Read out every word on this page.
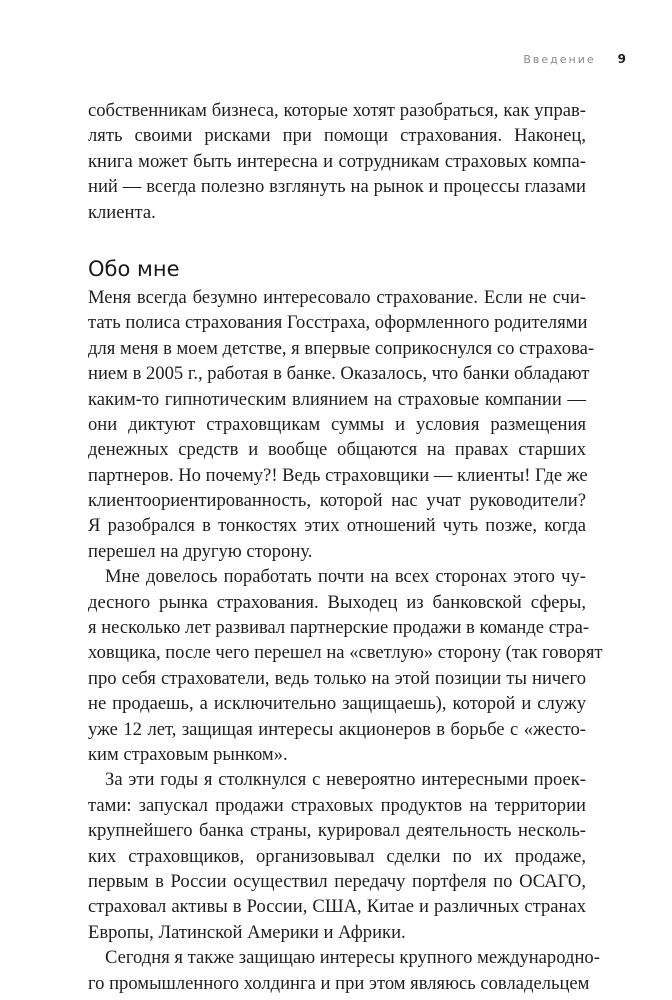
Введение 9

собственникам бизнеса, которые хотят разобраться, как управ-
лять своими рисками при помощи страхования. Наконец,
книга может быть интересна и сотрудникам страховых компа-
ний — всегда полезно взглянуть на рынок и процессы глазами
клиента.

Обо мне

Меня всегда безумно интересовало страхование. Если не счи-
тать полиса страхования Госстраха, оформленного родителями
для меня в моем детстве, я впервые соприкоснулся со страхова-
нием в 2005 г., работая в банке. Оказалось, что банки обладают
каким-то гипнотическим влиянием на страховые компании —
они диктуют страховщикам суммы и условия размещения
денежных средств и вообще общаются на правах старших
партнеров. Но почему?! Ведь страховщики — клиенты! Где же
клиентоориентированность, которой нас учат руководители?
Я разобрался в тонкостях этих отношений чуть позже, когда
перешел на другую сторону.

Мне довелось поработать почти на всех сторонах этого чу-
десного рынка страхования. Выходец из банковской сферы,
я несколько лет развивал партнерские продажи в команде стра-
ховщика, после чего перешел на «светлую» сторону (так говорят
про себя страхователи, ведь только на этой позиции ты ничего
не продаешь, а исключительно защищаешь), которой и служу
уже 12 лет, защищая интересы акционеров в борьбе с «жесто-
ким страховым рынком».

За эти годы я столкнулся с невероятно интересными проек-
тами: запускал продажи страховых продуктов на территории
крупнейшего банка страны, курировал деятельность несколь-
ких страховщиков, организовывал сделки по их продаже,
первым в России осуществил передачу портфеля по ОСАГО,
страховал активы в России, США, Китае и различных странах
Европы, Латинской Америки и Африки.

Сегодня я также защищаю интересы крупного международно-
го промышленного холдинга и при этом являюсь совладельцем
